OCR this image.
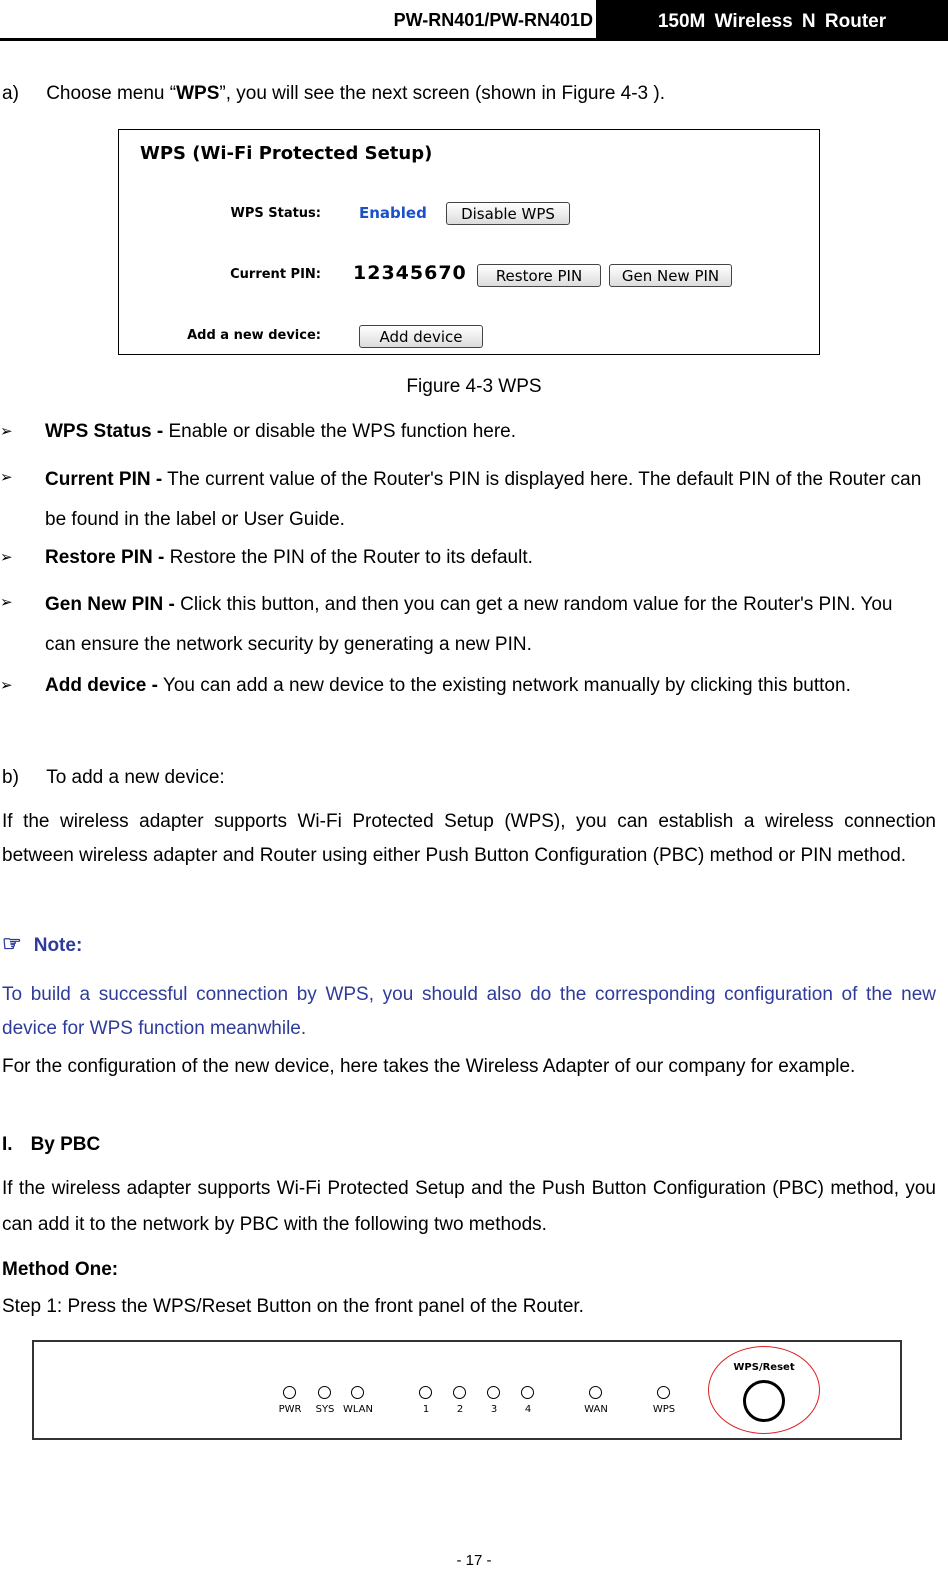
PW-RN401/PW-RN401D	150M Wireless N Router
a) Choose menu “WPS”, you will see the next screen (shown in Figure 4-3 ).
WPS (Wi-Fi Protected Setup)
WPS Status:	Enabled	Disable WPS
Current PIN: 12345670	Restore PIN	Gen New PIN
Add a new device:	Add device
Figure 4-3 WPS
➢ WPS Status - Enable or disable the WPS function here.
➢ Current PIN - The current value of the Router's PIN is displayed here. The default PIN of the Router can be found in the label or User Guide.
➢ Restore PIN - Restore the PIN of the Router to its default.
➢ Gen New PIN - Click this button, and then you can get a new random value for the Router's PIN. You can ensure the network security by generating a new PIN.
➢ Add device - You can add a new device to the existing network manually by clicking this button.
b) To add a new device:
If the wireless adapter supports Wi-Fi Protected Setup (WPS), you can establish a wireless connection between wireless adapter and Router using either Push Button Configuration (PBC) method or PIN method.
☞ Note:
To build a successful connection by WPS, you should also do the corresponding configuration of the new device for WPS function meanwhile.
For the configuration of the new device, here takes the Wireless Adapter of our company for example.
I. By PBC
If the wireless adapter supports Wi-Fi Protected Setup and the Push Button Configuration (PBC) method, you can add it to the network by PBC with the following two methods.
Method One:
Step 1: Press the WPS/Reset Button on the front panel of the Router.
PWR	SYS WLAN	1	2	3	4	WAN	WPS
WPS/Reset
- 17 -
